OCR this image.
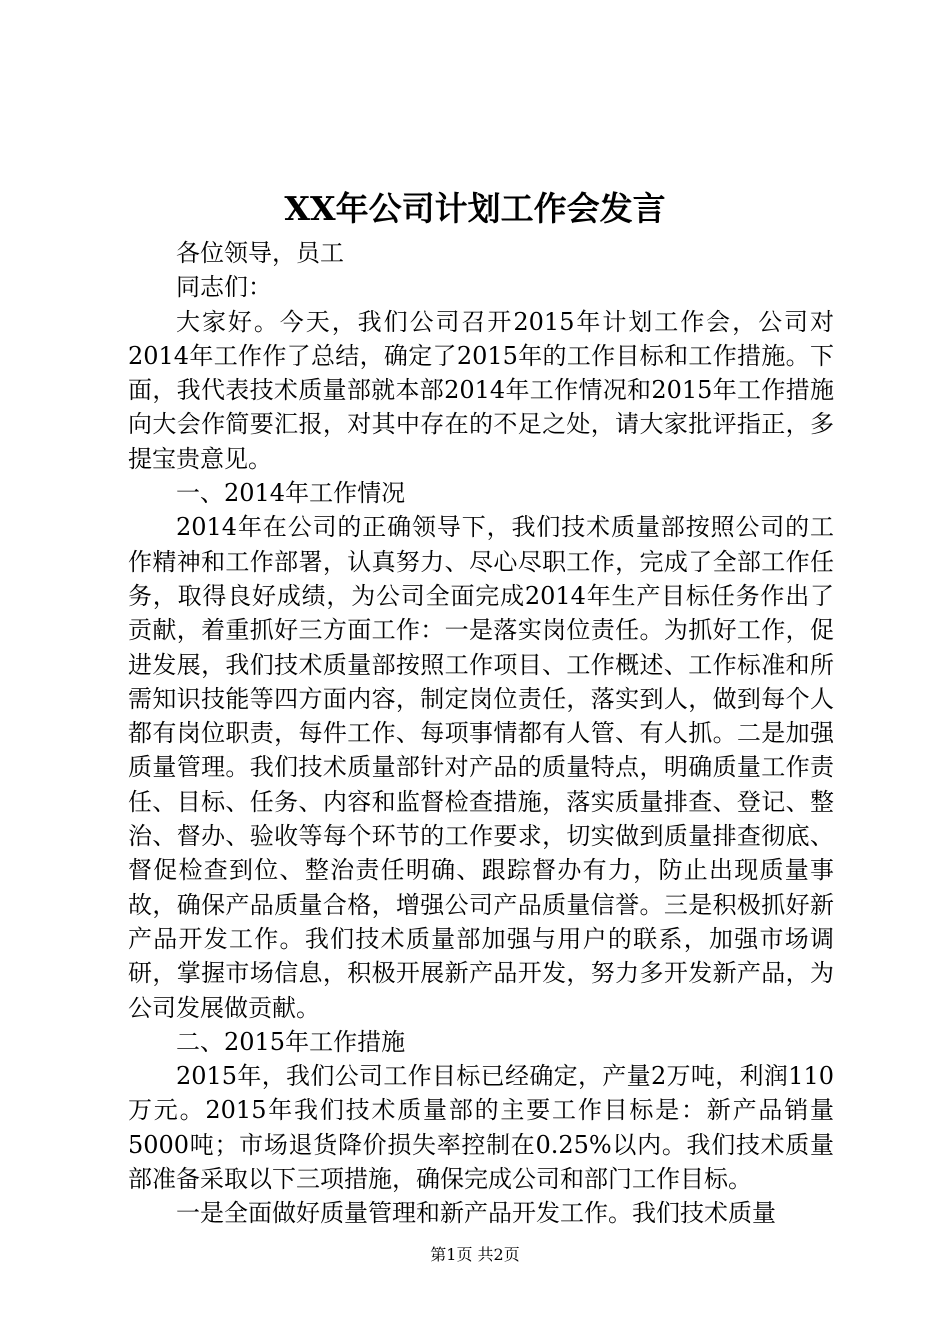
XX年公司计划工作会发言

各位领导，员工

同志们：

大家好。今天，我们公司召开2015年计划工作会，公司对2014年工作作了总结，确定了2015年的工作目标和工作措施。下面，我代表技术质量部就本部2014年工作情况和2015年工作措施向大会作简要汇报，对其中存在的不足之处，请大家批评指正，多提宝贵意见。

一、2014年工作情况

2014年在公司的正确领导下，我们技术质量部按照公司的工作精神和工作部署，认真努力、尽心尽职工作，完成了全部工作任务，取得良好成绩，为公司全面完成2014年生产目标任务作出了贡献，着重抓好三方面工作：一是落实岗位责任。为抓好工作，促进发展，我们技术质量部按照工作项目、工作概述、工作标准和所需知识技能等四方面内容，制定岗位责任，落实到人，做到每个人都有岗位职责，每件工作、每项事情都有人管、有人抓。二是加强质量管理。我们技术质量部针对产品的质量特点，明确质量工作责任、目标、任务、内容和监督检查措施，落实质量排查、登记、整治、督办、验收等每个环节的工作要求，切实做到质量排查彻底、督促检查到位、整治责任明确、跟踪督办有力，防止出现质量事故，确保产品质量合格，增强公司产品质量信誉。三是积极抓好新产品开发工作。我们技术质量部加强与用户的联系，加强市场调研，掌握市场信息，积极开展新产品开发，努力多开发新产品，为公司发展做贡献。

二、2015年工作措施

2015年，我们公司工作目标已经确定，产量2万吨，利润110万元。2015年我们技术质量部的主要工作目标是：新产品销量5000吨；市场退货降价损失率控制在0.25%以内。我们技术质量部准备采取以下三项措施，确保完成公司和部门工作目标。

一是全面做好质量管理和新产品开发工作。我们技术质量

第1页 共2页
